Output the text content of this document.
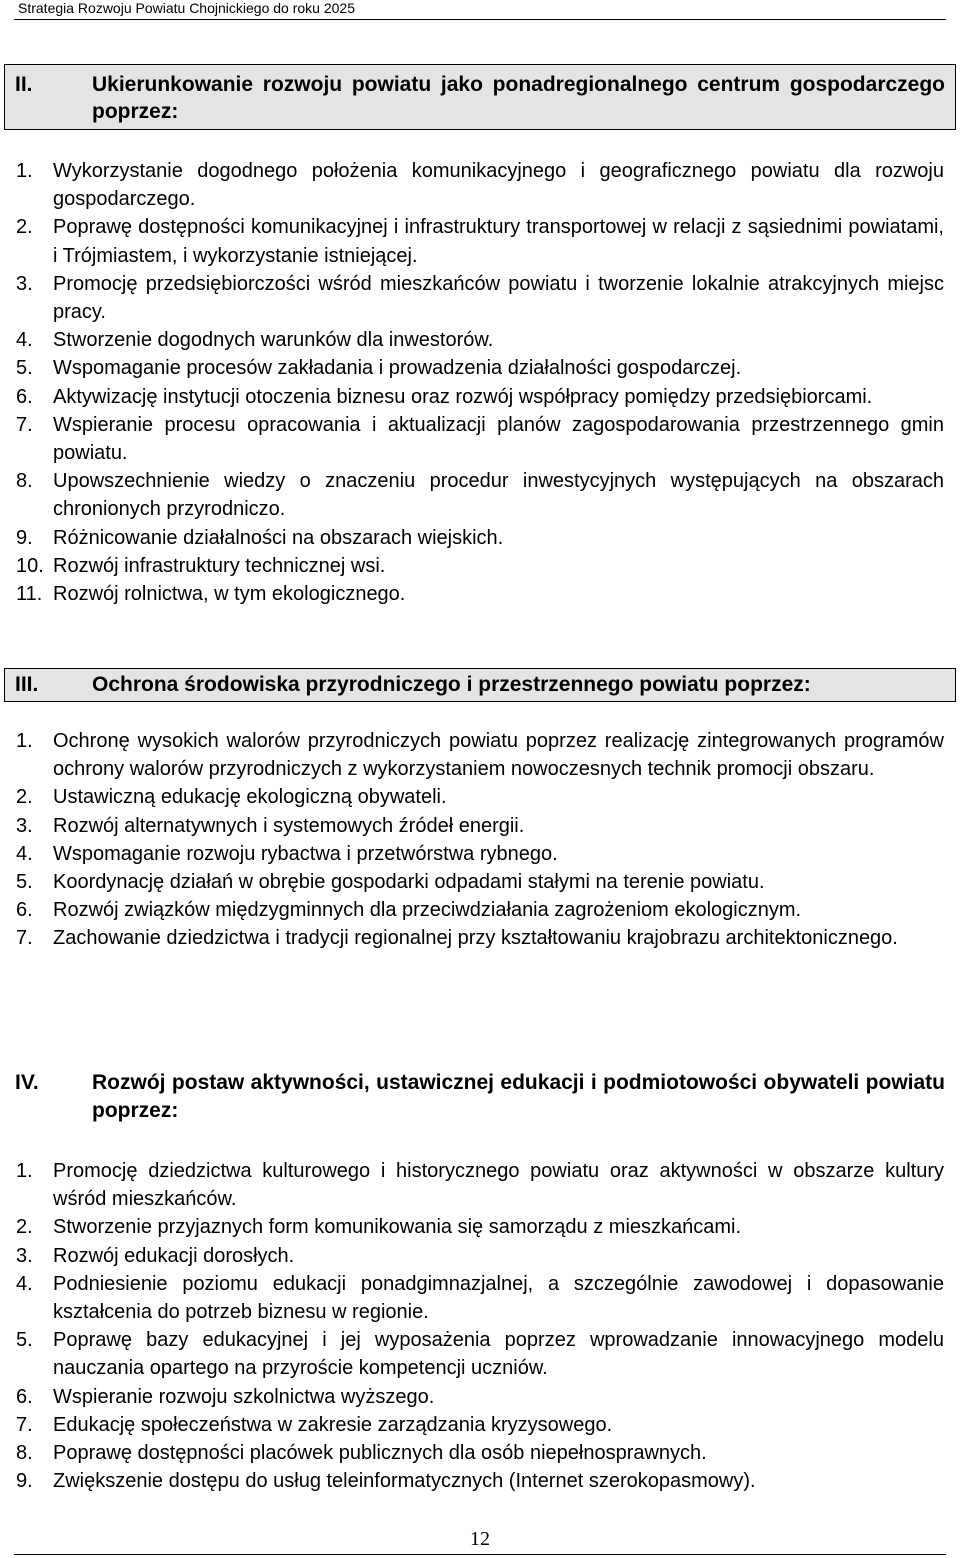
Strategia Rozwoju Powiatu Chojnickiego do roku 2025
II.	Ukierunkowanie rozwoju powiatu jako ponadregionalnego centrum gospodarczego poprzez:
1. Wykorzystanie dogodnego położenia komunikacyjnego i geograficznego powiatu dla rozwoju gospodarczego.
2. Poprawę dostępności komunikacyjnej i infrastruktury transportowej w relacji z sąsiednimi powiatami, i Trójmiastem, i wykorzystanie istniejącej.
3. Promocję przedsiębiorczości wśród mieszkańców powiatu i tworzenie lokalnie atrakcyjnych miejsc pracy.
4. Stworzenie dogodnych warunków dla inwestorów.
5. Wspomaganie procesów zakładania i prowadzenia działalności gospodarczej.
6. Aktywizację instytucji otoczenia biznesu oraz rozwój współpracy pomiędzy przedsiębiorcami.
7. Wspieranie procesu opracowania i aktualizacji planów zagospodarowania przestrzennego gmin powiatu.
8. Upowszechnienie wiedzy o znaczeniu procedur inwestycyjnych występujących na obszarach chronionych przyrodniczo.
9. Różnicowanie działalności na obszarach wiejskich.
10. Rozwój infrastruktury technicznej wsi.
11. Rozwój rolnictwa, w tym ekologicznego.
III.	Ochrona środowiska przyrodniczego i przestrzennego powiatu poprzez:
1. Ochronę wysokich walorów przyrodniczych powiatu poprzez realizację zintegrowanych programów ochrony walorów przyrodniczych z wykorzystaniem nowoczesnych technik promocji obszaru.
2. Ustawiczną edukację ekologiczną obywateli.
3. Rozwój alternatywnych i systemowych źródeł energii.
4. Wspomaganie rozwoju rybactwa i przetwórstwa rybnego.
5. Koordynację działań w obrębie gospodarki odpadami stałymi na terenie powiatu.
6. Rozwój związków międzygminnych dla przeciwdziałania zagrożeniom ekologicznym.
7. Zachowanie dziedzictwa i tradycji regionalnej przy kształtowaniu krajobrazu architektonicznego.
IV.	Rozwój postaw aktywności, ustawicznej edukacji i podmiotowości obywateli powiatu poprzez:
1. Promocję dziedzictwa kulturowego i historycznego powiatu oraz aktywności w obszarze kultury wśród mieszkańców.
2. Stworzenie przyjaznych form komunikowania się samorządu z mieszkańcami.
3. Rozwój edukacji dorosłych.
4. Podniesienie poziomu edukacji ponadgimnazjalnej, a szczególnie zawodowej i dopasowanie kształcenia do potrzeb biznesu w regionie.
5. Poprawę bazy edukacyjnej i jej wyposażenia poprzez wprowadzanie innowacyjnego modelu nauczania opartego na przyroście kompetencji uczniów.
6. Wspieranie rozwoju szkolnictwa wyższego.
7. Edukację społeczeństwa w zakresie zarządzania kryzysowego.
8. Poprawę dostępności placówek publicznych dla osób niepełnosprawnych.
9. Zwiększenie dostępu do usług teleinformatycznych (Internet szerokopasmowy).
12
